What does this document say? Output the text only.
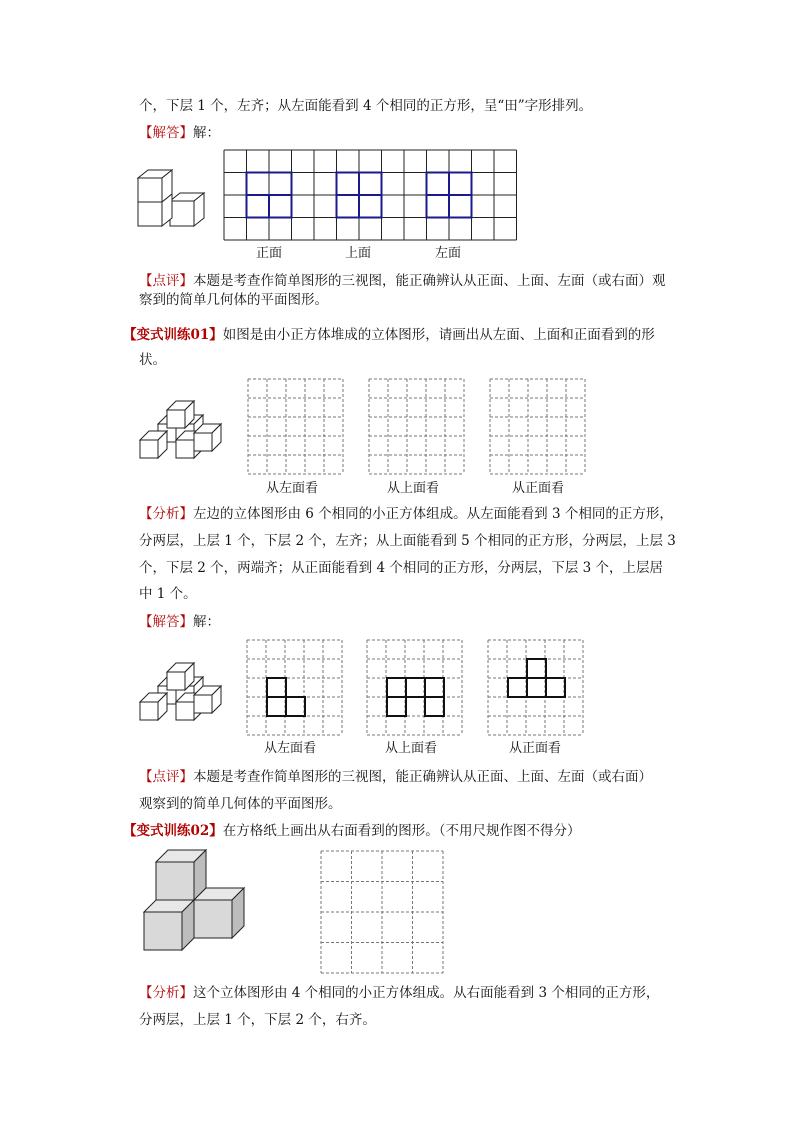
个，下层 1 个，左齐；从左面能看到 4 个相同的正方形，呈“田”字形排列。
【解答】解：
正面	上面	左面
【点评】本题是考查作简单图形的三视图，能正确辨认从正面、上面、左面（或右面）观
察到的简单几何体的平面图形。
【变式训练01】如图是由小正方体堆成的立体图形，请画出从左面、上面和正面看到的形
状。
从左面看	从上面看	从正面看
【分析】左边的立体图形由 6 个相同的小正方体组成。从左面能看到 3 个相同的正方形，
分两层，上层 1 个，下层 2 个，左齐；从上面能看到 5 个相同的正方形，分两层，上层 3
个，下层 2 个，两端齐；从正面能看到 4 个相同的正方形，分两层，下层 3 个，上层居
中 1 个。
【解答】解：
从左面看	从上面看	从正面看
【点评】本题是考查作简单图形的三视图，能正确辨认从正面、上面、左面（或右面）
观察到的简单几何体的平面图形。
【变式训练02】在方格纸上画出从右面看到的图形。（不用尺规作图不得分）
【分析】这个立体图形由 4 个相同的小正方体组成。从右面能看到 3 个相同的正方形，
分两层，上层 1 个，下层 2 个，右齐。
